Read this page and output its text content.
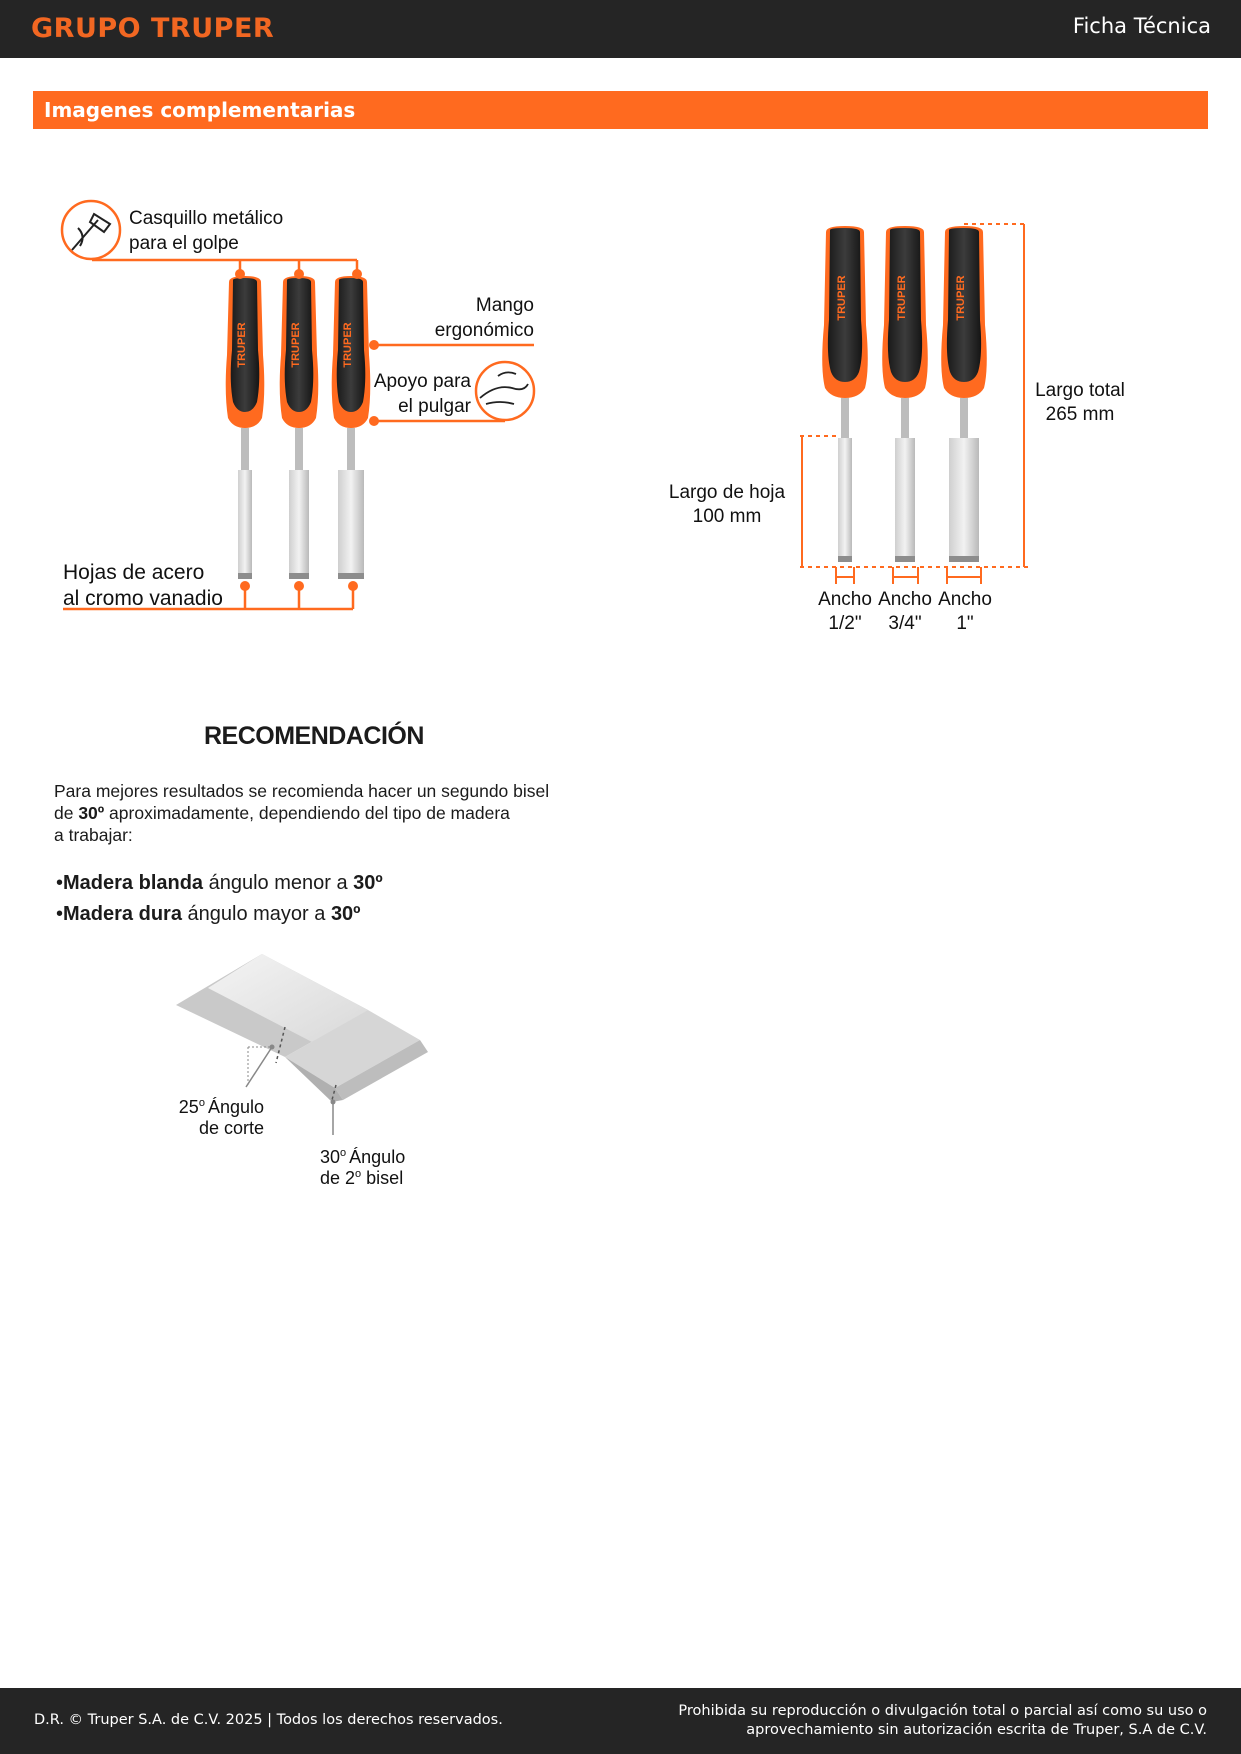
GRUPO TRUPER	Ficha Técnica
Imagenes complementarias
TRUPER	TRUPER	TRUPER
Casquillo metálico
para el golpe
Mango
ergonómico
Apoyo para
el pulgar
Hojas de acero
al cromo vanadio
TRUPER	TRUPER	TRUPER
Largo de hoja
100 mm
Largo total
265 mm
Ancho
1/2"
Ancho
3/4"
Ancho
1"
25$^o$ Ángulo
de corte
30$^o$ Ángulo
de 2$^o$ bisel
RECOMENDACIÓN
Para mejores resultados se recomienda hacer un segundo bisel
de 30º aproximadamente, dependiendo del tipo de madera
a trabajar:
•Madera blanda ángulo menor a 30º
•Madera dura ángulo mayor a 30º
D.R. © Truper S.A. de C.V. 2025 | Todos los derechos reservados.
Prohibida su reproducción o divulgación total o parcial así como su uso o
aprovechamiento sin autorización escrita de Truper, S.A de C.V.
